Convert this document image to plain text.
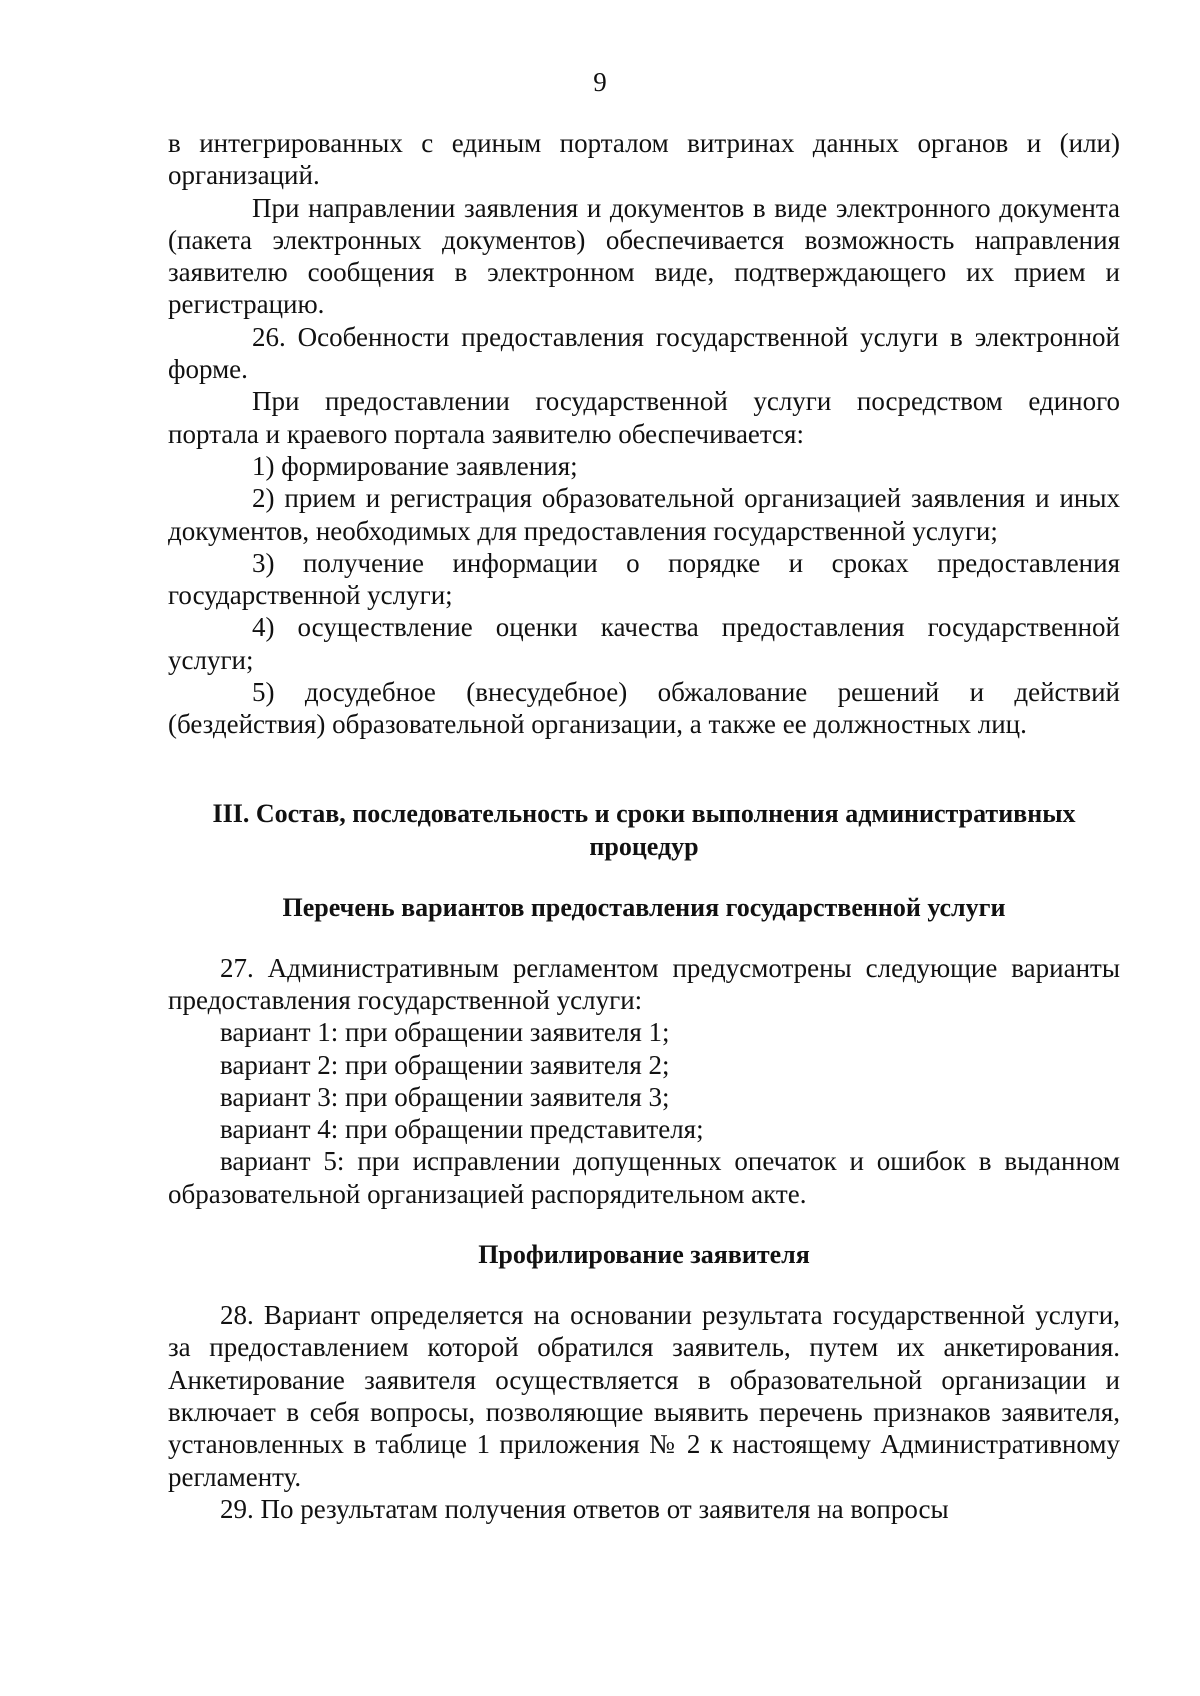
9

в интегрированных с единым порталом витринах данных органов и (или) организаций.

При направлении заявления и документов в виде электронного документа (пакета электронных документов) обеспечивается возможность направления заявителю сообщения в электронном виде, подтверждающего их прием и регистрацию.

26. Особенности предоставления государственной услуги в электронной форме.

При предоставлении государственной услуги посредством единого портала и краевого портала заявителю обеспечивается:

1) формирование заявления;

2) прием и регистрация образовательной организацией заявления и иных документов, необходимых для предоставления государственной услуги;

3) получение информации о порядке и сроках предоставления государственной услуги;

4) осуществление оценки качества предоставления государственной услуги;

5) досудебное (внесудебное) обжалование решений и действий (бездействия) образовательной организации, а также ее должностных лиц.

III. Состав, последовательность и сроки выполнения административных процедур

Перечень вариантов предоставления государственной услуги

27. Административным регламентом предусмотрены следующие варианты предоставления государственной услуги:

вариант 1: при обращении заявителя 1;

вариант 2: при обращении заявителя 2;

вариант 3: при обращении заявителя 3;

вариант 4: при обращении представителя;

вариант 5: при исправлении допущенных опечаток и ошибок в выданном образовательной организацией распорядительном акте.

Профилирование заявителя

28. Вариант определяется на основании результата государственной услуги, за предоставлением которой обратился заявитель, путем их анкетирования. Анкетирование заявителя осуществляется в образовательной организации и включает в себя вопросы, позволяющие выявить перечень признаков заявителя, установленных в таблице 1 приложения № 2 к настоящему Административному регламенту.

29. По результатам получения ответов от заявителя на вопросы
